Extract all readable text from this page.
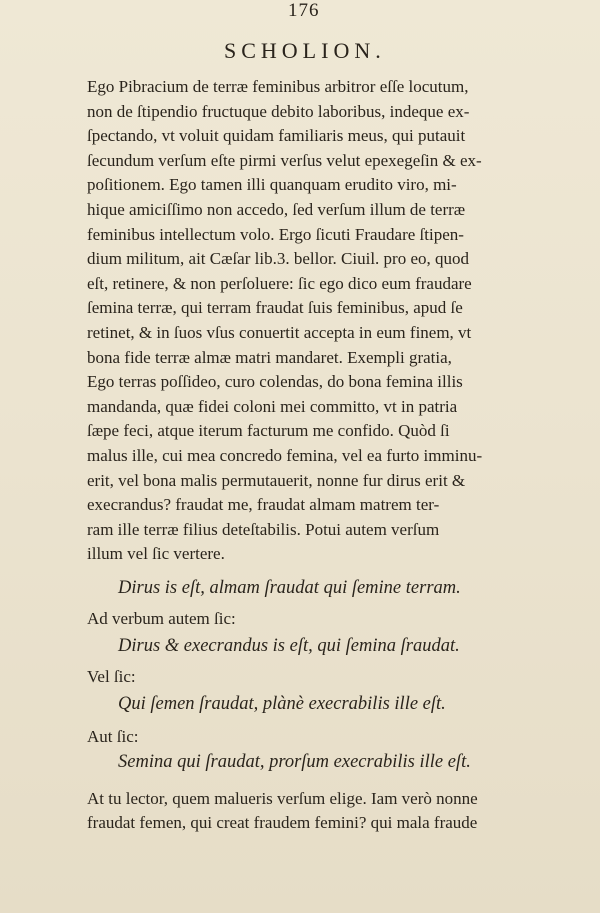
176
SCHOLION.
Ego Pibracium de terræ feminibus arbitror eſſe locutum,
non de ſtipendio fructuque debito laboribus, indeque ex-
ſpectando, vt voluit quidam familiaris meus, qui putauit
ſecundum verſum eſte pirmi verſus velut epexegeſin & ex-
poſitionem. Ego tamen illi quanquam erudito viro, mi-
hique amiciſſimo non accedo, ſed verſum illum de terræ
feminibus intellectum volo. Ergo ſicuti Fraudare ſtipen-
dium militum, ait Cæſar lib.3. bellor. Ciuil. pro eo, quod
eſt, retinere, & non perſoluere: ſic ego dico eum fraudare
ſemina terræ, qui terram fraudat ſuis feminibus, apud ſe
retinet, & in ſuos vſus conuertit accepta in eum finem, vt
bona fide terræ almæ matri mandaret. Exempli gratia,
Ego terras poſſideo, curo colendas, do bona femina illis
mandanda, quæ fidei coloni mei committo, vt in patria
ſæpe feci, atque iterum facturum me confido. Quòd ſi
malus ille, cui mea concredo femina, vel ea furto imminu-
erit, vel bona malis permutauerit, nonne fur dirus erit &
execrandus? fraudat me, fraudat almam matrem ter-
ram ille terræ filius deteſtabilis. Potui autem verſum
illum vel ſic vertere.
Dirus is eſt, almam ſraudat qui ſemine terram.
Ad verbum autem ſic:
Dirus & execrandus is eſt, qui ſemina ſraudat.
Vel ſic:
Qui ſemen ſraudat, plànè execrabilis ille eſt.
Aut ſic:
Semina qui ſraudat, prorſum execrabilis ille eſt.
At tu lector, quem malueris verſum elige. Iam verò nonne
fraudat femen, qui creat fraudem femini? qui mala fraude
